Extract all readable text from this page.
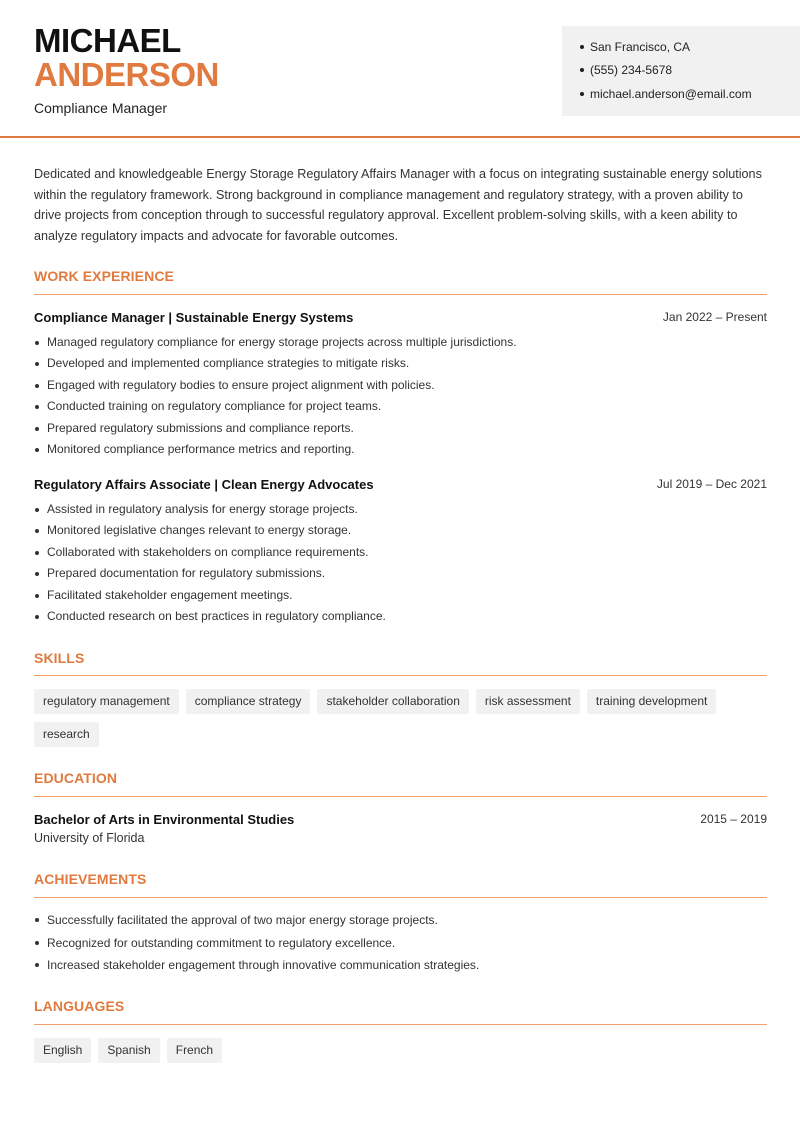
MICHAEL
ANDERSON
Compliance Manager
San Francisco, CA
(555) 234-5678
michael.anderson@email.com
Dedicated and knowledgeable Energy Storage Regulatory Affairs Manager with a focus on integrating sustainable energy solutions within the regulatory framework. Strong background in compliance management and regulatory strategy, with a proven ability to drive projects from conception through to successful regulatory approval. Excellent problem-solving skills, with a keen ability to analyze regulatory impacts and advocate for favorable outcomes.
WORK EXPERIENCE
Compliance Manager | Sustainable Energy Systems	Jan 2022 – Present
Managed regulatory compliance for energy storage projects across multiple jurisdictions.
Developed and implemented compliance strategies to mitigate risks.
Engaged with regulatory bodies to ensure project alignment with policies.
Conducted training on regulatory compliance for project teams.
Prepared regulatory submissions and compliance reports.
Monitored compliance performance metrics and reporting.
Regulatory Affairs Associate | Clean Energy Advocates	Jul 2019 – Dec 2021
Assisted in regulatory analysis for energy storage projects.
Monitored legislative changes relevant to energy storage.
Collaborated with stakeholders on compliance requirements.
Prepared documentation for regulatory submissions.
Facilitated stakeholder engagement meetings.
Conducted research on best practices in regulatory compliance.
SKILLS
regulatory management	compliance strategy	stakeholder collaboration	risk assessment	training development
research
EDUCATION
Bachelor of Arts in Environmental Studies	2015 – 2019
University of Florida
ACHIEVEMENTS
Successfully facilitated the approval of two major energy storage projects.
Recognized for outstanding commitment to regulatory excellence.
Increased stakeholder engagement through innovative communication strategies.
LANGUAGES
English	Spanish	French
